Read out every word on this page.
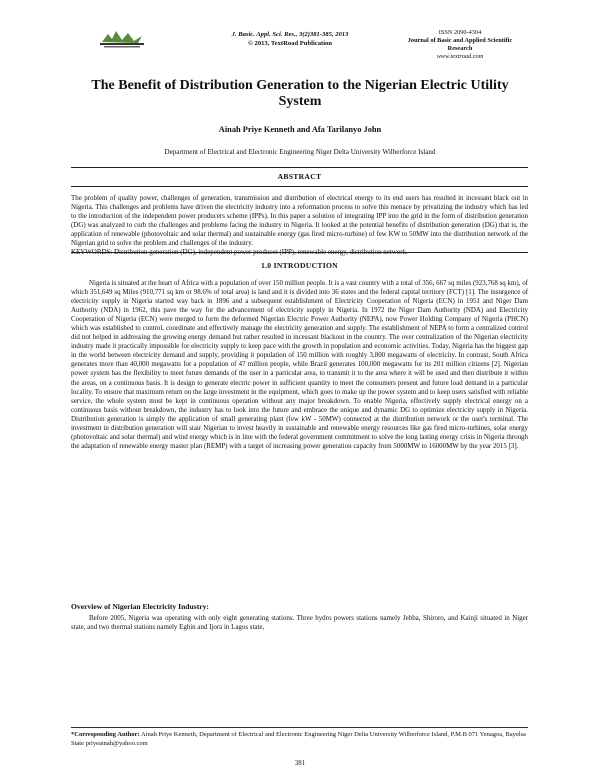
J. Basic. Appl. Sci. Res., 3(2)381-385, 2013
© 2013, TextRoad Publication
ISSN 2090-4304
Journal of Basic and Applied Scientific Research
www.textroad.com
The Benefit of Distribution Generation to the Nigerian Electric Utility System
Ainah Priye Kenneth and Afa Tarilanyo John
Department of Electrical and Electronic Engineering Niger Delta University Wilberforce Island
ABSTRACT
The problem of quality power, challenges of generation, transmission and distribution of electrical energy to its end users has resulted in incessant black out in Nigeria. This challenges and problems have driven the electricity industry into a reformation process to solve this menace by privatizing the industry which has led to the introduction of the independent power producers scheme (IPPs). In this paper a solution of integrating IPP into the grid in the form of distribution generation (DG) was analyzed to curb the challenges and problems facing the industry in Nigeria. It looked at the potential benefits of distribution generation (DG) that is, the application of renewable (photovoltaic and solar thermal) and sustainable energy (gas fired micro-turbine) of few KW to 50MW into the distribution network of the Nigerian grid to solve the problem and challenges of the industry.
KEYWORDS: Distribution generation (DG), independent power producer (IPP), renewable energy, distribution network.
1.0 INTRODUCTION

Nigeria is situated at the heart of Africa with a population of over 150 million people. It is a vast country with a total of 356, 667 sq miles (923,768 sq km), of which 351,649 sq Miles (910,771 sq km or 98.6% of total area) is land and it is divided into 36 states and the federal capital territory (FCT) [1]. The insurgence of electricity supply in Nigeria started way back in 1896 and a subsequent establishment of Electricity Cooperation of Nigeria (ECN) in 1951 and Niger Dam Authority (NDA) in 1962, this pave the way for the advancement of electricity supply in Nigeria. In 1972 the Niger Dam Authority (NDA) and Electricity Cooperation of Nigeria (ECN) were merged to form the deformed Nigerian Electric Power Authority (NEPA), now Power Holding Company of Nigeria (PHCN) which was established to control, coordinate and effectively manage the electricity generation and supply. The establishment of NEPA to form a centralized control did not helped in addressing the growing energy demand but rather resulted in incessant blackout in the country. The over centralization of the Nigerian electricity industry made it practically impossible for electricity supply to keep pace with the growth in population and economic activities. Today, Nigeria has the biggest gap in the world between electricity demand and supply, providing it population of 150 million with roughly 3,800 megawatts of electricity. In contrast, South Africa generates more than 40,000 megawatts for a population of 47 million people, while Brazil generates 100,000 megawatts for its 201 million citizens [2]. Nigerian power system has the flexibility to meet future demands of the user in a particular area, to transmit it to the area where it will be used and then distribute it within the areas, on a continuous basis. It is design to generate electric power in sufficient quantity to meet the consumers present and future load demand in a particular locality. To ensure that maximum return on the large investment in the equipment, which goes to make up the power system and to keep users satisfied with reliable service, the whole system must be kept in continuous operation without any major breakdown. To enable Nigeria, effectively supply electrical energy on a continuous basis without breakdown, the industry has to look into the future and embrace the unique and dynamic DG to optimize electricity supply in Nigeria. Distribution generation is simply the application of small generating plant (few kW - 50MW) connected at the distribution network or the user's terminal. The investment in distribution generation will stair Nigerian to invest heavily in sustainable and renewable energy resources like gas fired micro-turbines, solar energy (photovoltaic and solar thermal) and wind energy which is in line with the federal government commitment to solve the long lasting energy crisis in Nigeria through the adaptation of renewable energy master plan (REMP) with a target of increasing power generation capacity from 5000MW to 16000MW by the year 2015 [3].

Overview of Nigerian Electricity Industry:

Before 2005, Nigeria was operating with only eight generating stations. Three hydro powers stations namely Jebba, Shiroro, and Kainji situated in Niger state, and two thermal stations namely Egbin and Ijora in Lagos state,

*Corresponding Author: Ainah Priye Kenneth, Department of Electrical and Electronic Engineering Niger Delta University Wilberforce Island, P.M.B 071 Yenagoa, Bayelsa State priyeainah@yahoo.com
381
